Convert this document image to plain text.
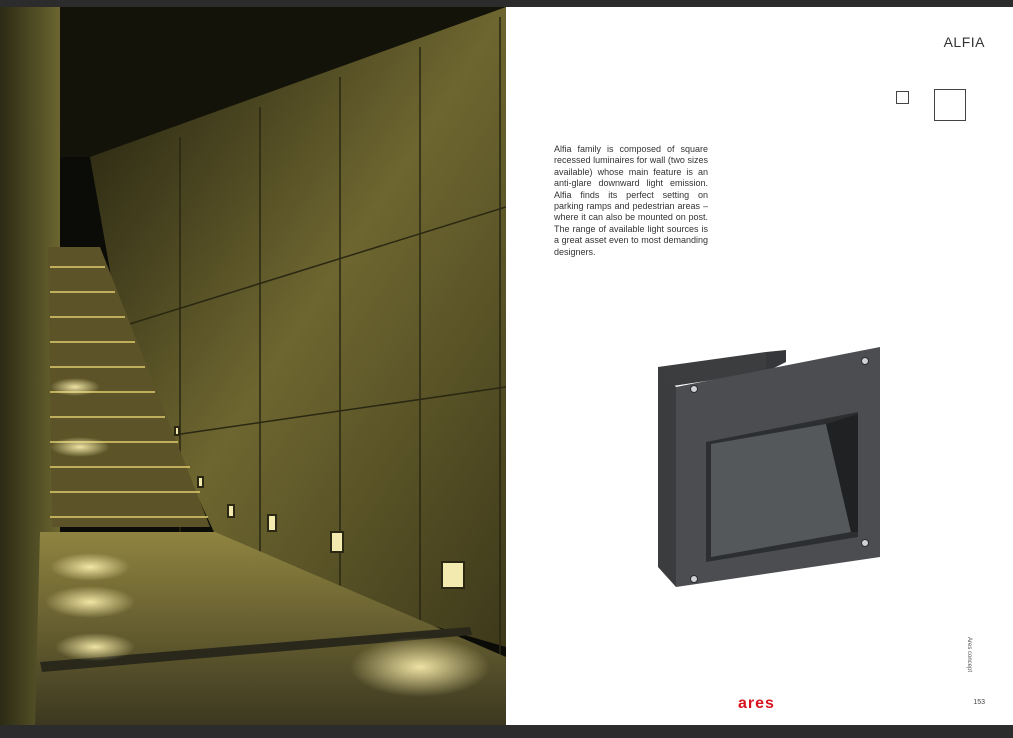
ALFIA
Alfia family is composed of square recessed luminaires for wall (two sizes available) whose main feature is an anti-glare downward light emission. Alfia finds its perfect setting on parking ramps and pedestrian areas – where it can also be mounted on post. The range of available light sources is a great asset even to most demanding designers.
Ares concept
ares	153
